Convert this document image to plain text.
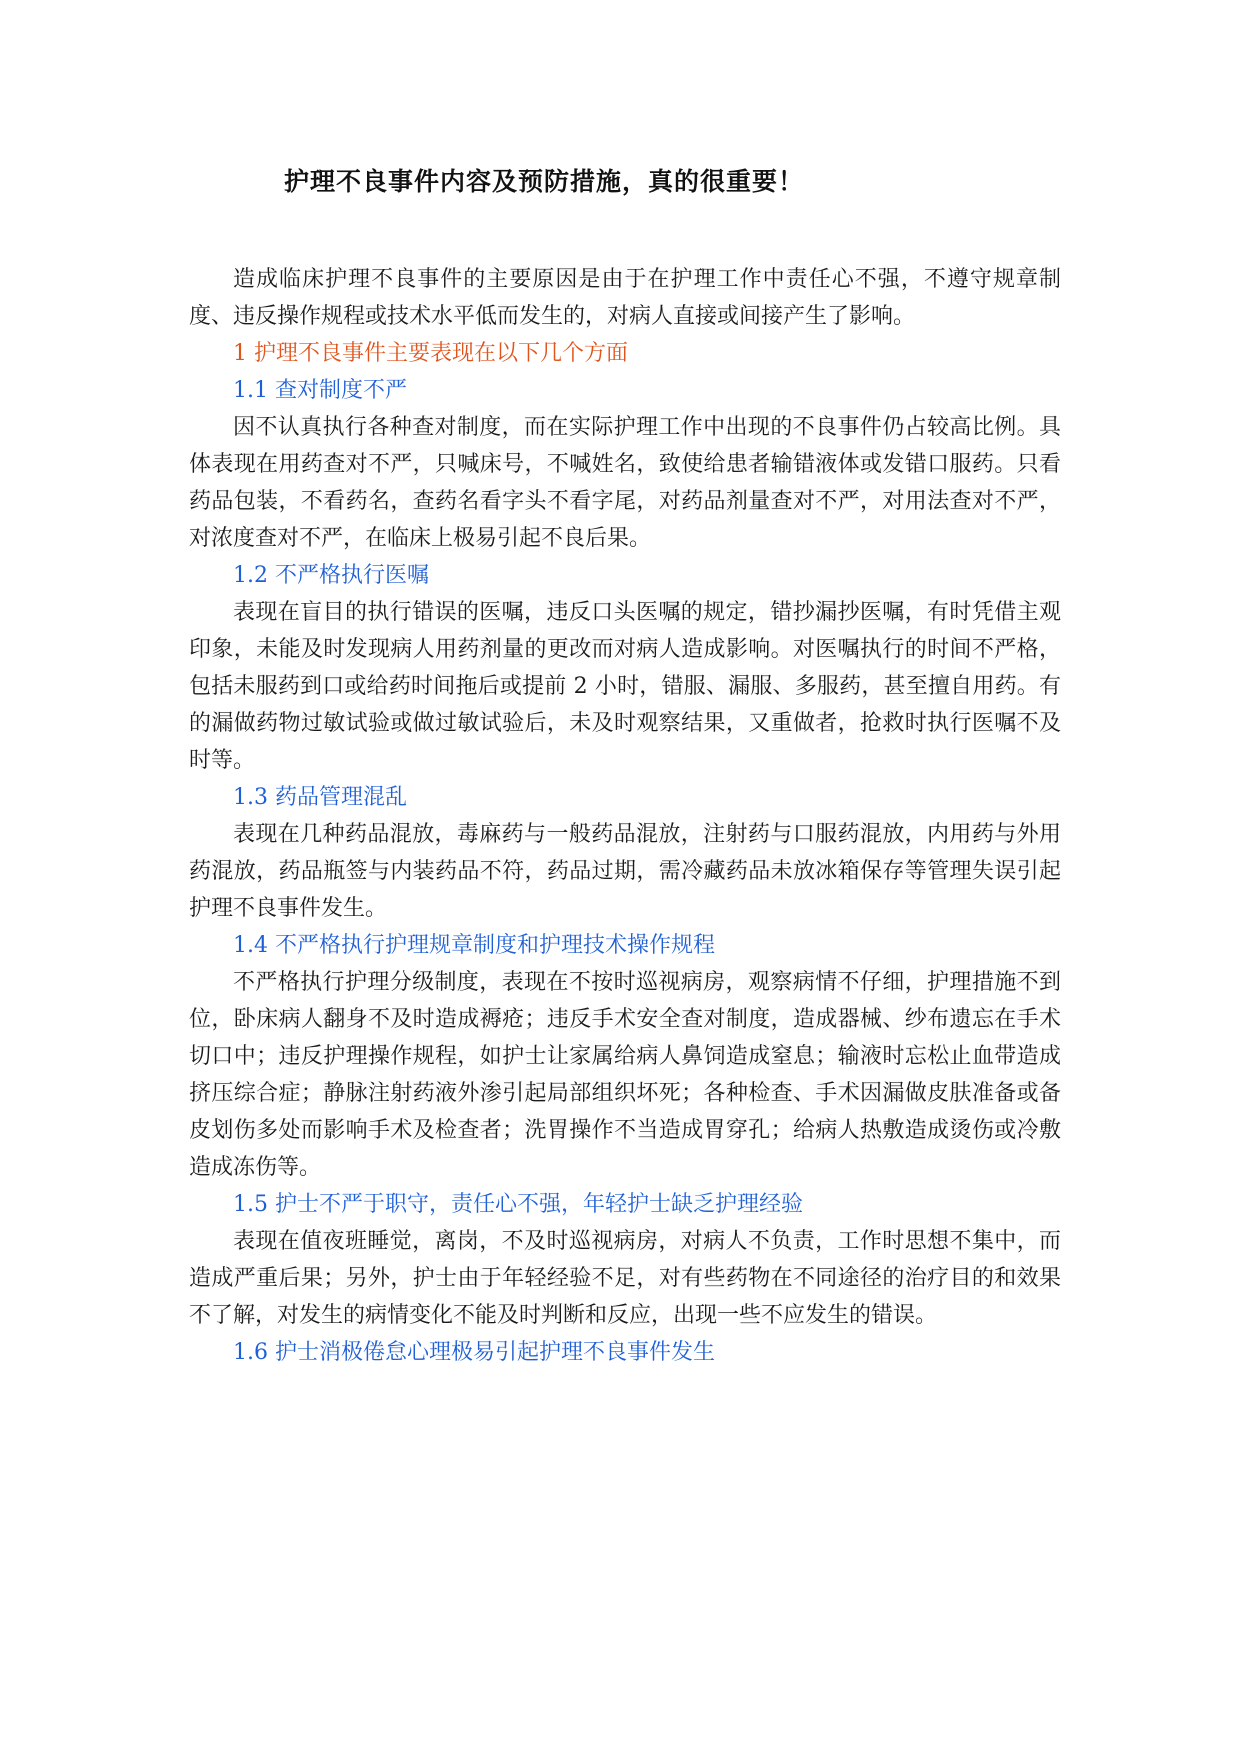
护理不良事件内容及预防措施，真的很重要！

造成临床护理不良事件的主要原因是由于在护理工作中责任心不强，不遵守规章制度、违反操作规程或技术水平低而发生的，对病人直接或间接产生了影响。

1 护理不良事件主要表现在以下几个方面

1.1 查对制度不严

因不认真执行各种查对制度，而在实际护理工作中出现的不良事件仍占较高比例。具体表现在用药查对不严，只喊床号，不喊姓名，致使给患者输错液体或发错口服药。只看药品包装，不看药名，查药名看字头不看字尾，对药品剂量查对不严，对用法查对不严，对浓度查对不严，在临床上极易引起不良后果。

1.2 不严格执行医嘱

表现在盲目的执行错误的医嘱，违反口头医嘱的规定，错抄漏抄医嘱，有时凭借主观印象，未能及时发现病人用药剂量的更改而对病人造成影响。对医嘱执行的时间不严格，包括未服药到口或给药时间拖后或提前 2 小时，错服、漏服、多服药，甚至擅自用药。有的漏做药物过敏试验或做过敏试验后，未及时观察结果，又重做者，抢救时执行医嘱不及时等。

1.3 药品管理混乱

表现在几种药品混放，毒麻药与一般药品混放，注射药与口服药混放，内用药与外用药混放，药品瓶签与内装药品不符，药品过期，需冷藏药品未放冰箱保存等管理失误引起护理不良事件发生。

1.4 不严格执行护理规章制度和护理技术操作规程

不严格执行护理分级制度，表现在不按时巡视病房，观察病情不仔细，护理措施不到位，卧床病人翻身不及时造成褥疮；违反手术安全查对制度，造成器械、纱布遗忘在手术切口中；违反护理操作规程，如护士让家属给病人鼻饲造成窒息；输液时忘松止血带造成挤压综合症；静脉注射药液外渗引起局部组织坏死；各种检查、手术因漏做皮肤准备或备皮划伤多处而影响手术及检查者；洗胃操作不当造成胃穿孔；给病人热敷造成烫伤或冷敷造成冻伤等。

1.5 护士不严于职守，责任心不强，年轻护士缺乏护理经验

表现在值夜班睡觉，离岗，不及时巡视病房，对病人不负责，工作时思想不集中，而造成严重后果；另外，护士由于年轻经验不足，对有些药物在不同途径的治疗目的和效果不了解，对发生的病情变化不能及时判断和反应，出现一些不应发生的错误。

1.6 护士消极倦怠心理极易引起护理不良事件发生
